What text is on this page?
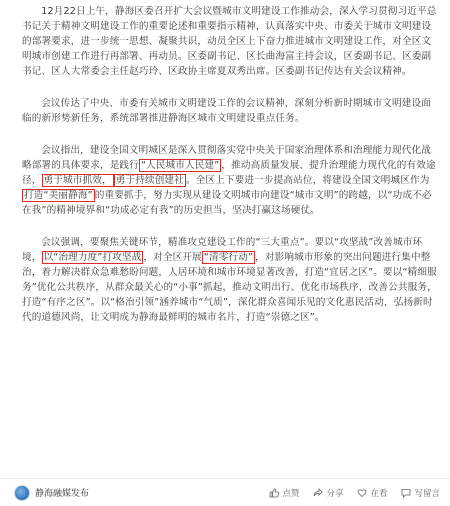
12月22日上午，静海区委召开扩大会议暨城市文明建设工作推动会，深入学习贯彻习近平总书记关于精神文明建设工作的重要论述和重要指示精神，认真落实中央、市委关于城市文明建设的部署要求，进一步统一思想、凝聚共识，动员全区上下奋力推进城市文明建设工作，对全区文明城市创建工作进行再部署、再动员。区委副书记、区长曲海富主持会议，区委副书记、区委副书记、区人大常委会主任赵巧玲、区政协主席夏双秀出席。区委副书记传达有关会议精神。

会议传达了中央、市委有关城市文明建设工作的会议精神，深刻分析新时期城市文明建设面临的新形势新任务，系统部署推进静海区城市文明建设重点任务。

会议指出，建设全国文明城区是深入贯彻落实党中央关于国家治理体系和治理能力现代化战略部署的具体要求，是践行 “人民城市人民建” ，推动高质量发展、提升治理能力现代化的有效途径， 勇于城市抓效， 勇于持续创建社 。全区上下要进一步提高站位，将建设全国文明城区作为打造“美丽静海” 的重要抓手，努力实现从建设文明城市向建设“城市文明”的跨越，以“功成不必在我”的精神境界和“功成必定有我”的历史担当，坚决打赢这场硬仗。

会议强调，要聚焦关键环节，精准攻克建设工作的“三大重点”。要以“攻坚战”改善城市环境， 以“治理力度”打攻坚战 ，对全区开展 “清零行动” ，对影响城市形象的突出问题进行集中整治，着力解决群众急难愁盼问题，人居环境和城市环境显著改善，打造“宜居之区”。要以“精细服务”优化公共秩序，从群众最关心的“小事”抓起，推动文明出行、优化市场秩序，改善公共服务，打造“有序之区”。以“格治引领”涵养城市“气质”，深化群众喜闻乐见的文化惠民活动，弘扬新时代的道德风尚，让文明成为静海最鲜明的城市名片，打造“崇德之区”。

静海融媒发布	点赞	分享	在看	写留言
